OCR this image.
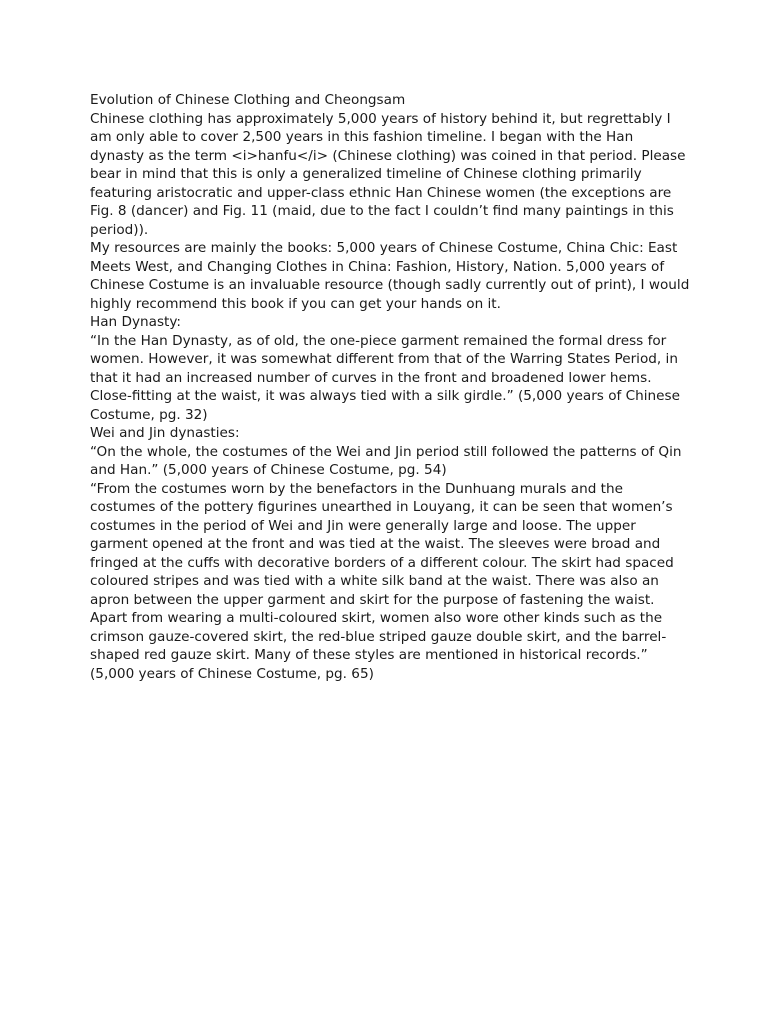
Evolution of Chinese Clothing and Cheongsam

Chinese clothing has approximately 5,000 years of history behind it, but regrettably I am only able to cover 2,500 years in this fashion timeline. I began with the Han dynasty as the term <i>hanfu</i> (Chinese clothing) was coined in that period. Please bear in mind that this is only a generalized timeline of Chinese clothing primarily featuring aristocratic and upper-class ethnic Han Chinese women (the exceptions are Fig. 8 (dancer) and Fig. 11 (maid, due to the fact I couldn’t find many paintings in this period)).

My resources are mainly the books: 5,000 years of Chinese Costume, China Chic: East Meets West, and Changing Clothes in China: Fashion, History, Nation. 5,000 years of Chinese Costume is an invaluable resource (though sadly currently out of print), I would highly recommend this book if you can get your hands on it.

Han Dynasty:

“In the Han Dynasty, as of old, the one-piece garment remained the formal dress for women. However, it was somewhat different from that of the Warring States Period, in that it had an increased number of curves in the front and broadened lower hems. Close-fitting at the waist, it was always tied with a silk girdle.” (5,000 years of Chinese Costume, pg. 32)

Wei and Jin dynasties:

“On the whole, the costumes of the Wei and Jin period still followed the patterns of Qin and Han.” (5,000 years of Chinese Costume, pg. 54)

“From the costumes worn by the benefactors in the Dunhuang murals and the costumes of the pottery figurines unearthed in Louyang, it can be seen that women’s costumes in the period of Wei and Jin were generally large and loose. The upper garment opened at the front and was tied at the waist. The sleeves were broad and fringed at the cuffs with decorative borders of a different colour. The skirt had spaced coloured stripes and was tied with a white silk band at the waist. There was also an apron between the upper garment and skirt for the purpose of fastening the waist. Apart from wearing a multi-coloured skirt, women also wore other kinds such as the crimson gauze-covered skirt, the red-blue striped gauze double skirt, and the barrel-shaped red gauze skirt. Many of these styles are mentioned in historical records.” (5,000 years of Chinese Costume, pg. 65)
